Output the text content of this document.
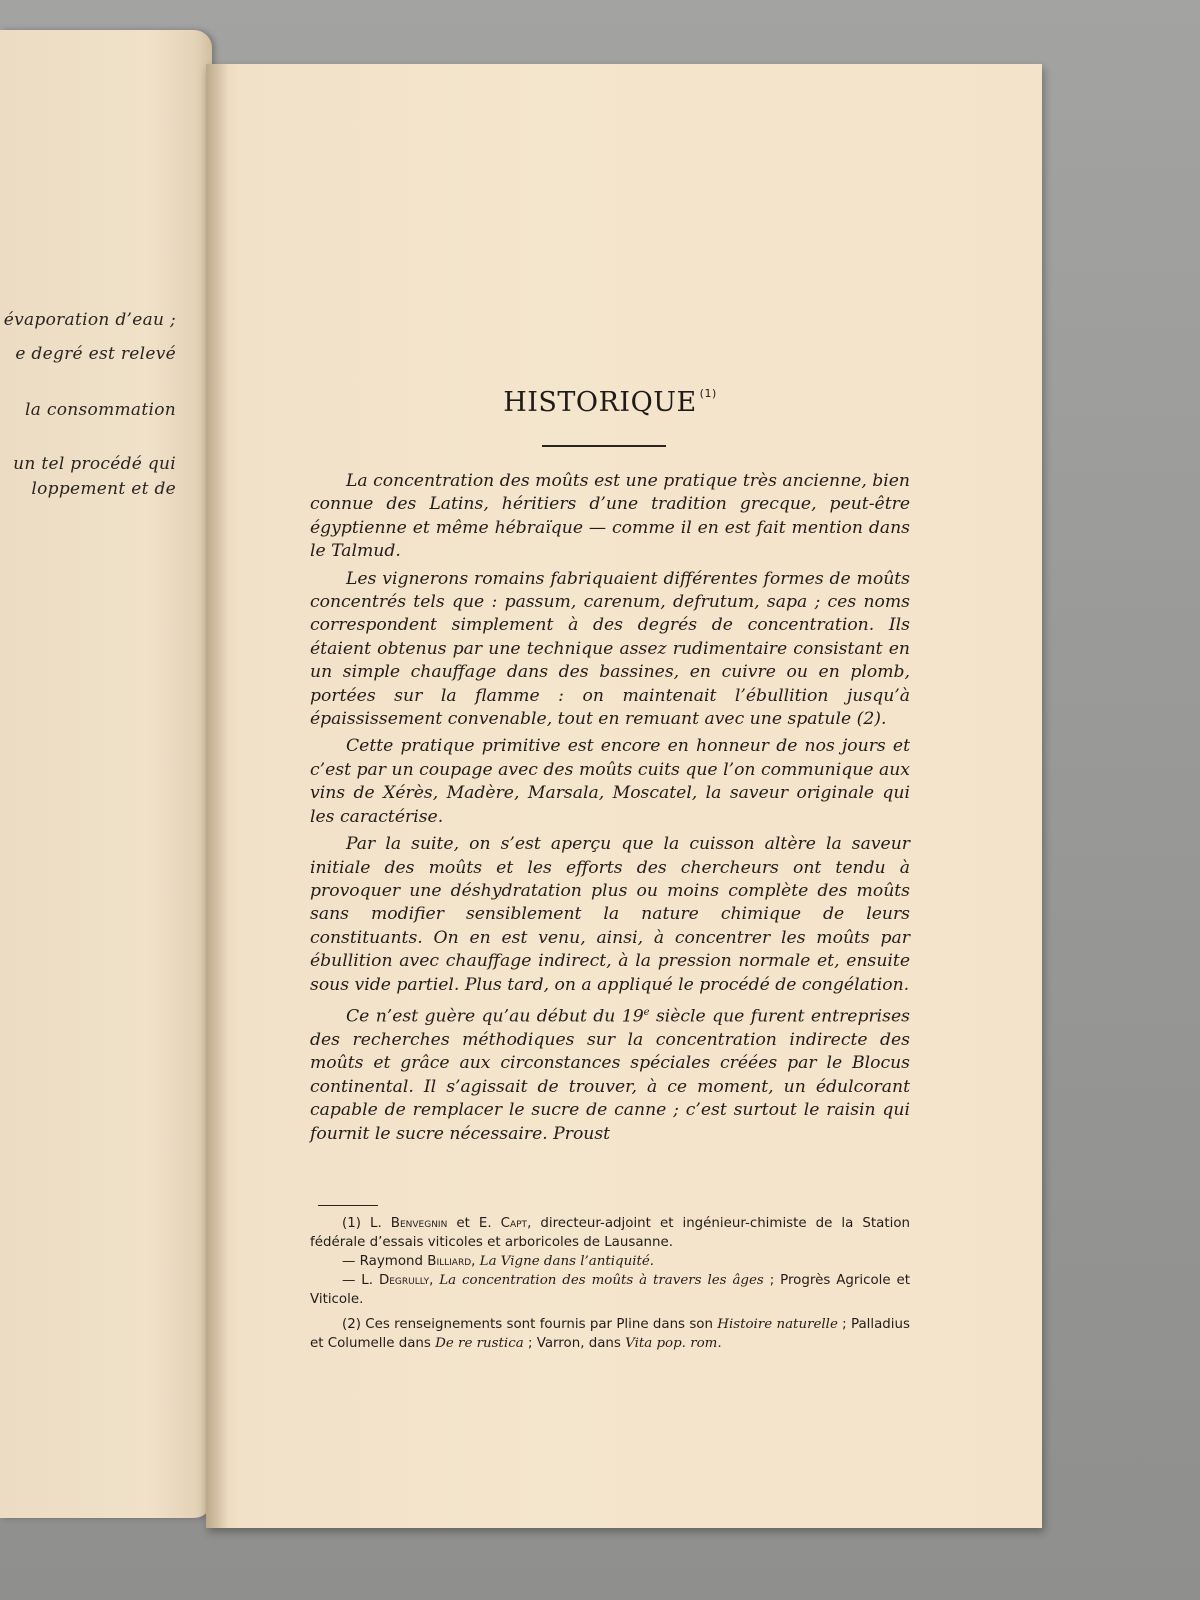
évaporation d’eau ;
e degré est relevé
la consommation
un tel procédé qui
loppement et de
HISTORIQUE $^{(1)}$

La concentration des moûts est une pratique très ancienne, bien connue des Latins, héritiers d’une tradition grecque, peut-être égyptienne et même hébraïque — comme il en est fait mention dans le Talmud.

Les vignerons romains fabriquaient différentes formes de moûts concentrés tels que : passum, carenum, defrutum, sapa ; ces noms correspondent simplement à des degrés de concentration. Ils étaient obtenus par une technique assez rudimentaire consistant en un simple chauffage dans des bassines, en cuivre ou en plomb, portées sur la flamme : on maintenait l’ébullition jusqu’à épaississement convenable, tout en remuant avec une spatule (2).

Cette pratique primitive est encore en honneur de nos jours et c’est par un coupage avec des moûts cuits que l’on communique aux vins de Xérès, Madère, Marsala, Moscatel, la saveur originale qui les caractérise.

Par la suite, on s’est aperçu que la cuisson altère la saveur initiale des moûts et les efforts des chercheurs ont tendu à provoquer une déshydratation plus ou moins complète des moûts sans modifier sensiblement la nature chimique de leurs constituants. On en est venu, ainsi, à concentrer les moûts par ébullition avec chauffage indirect, à la pression normale et, ensuite sous vide partiel. Plus tard, on a appliqué le procédé de congélation.

Ce n’est guère qu’au début du 19e siècle que furent entreprises des recherches méthodiques sur la concentration indirecte des moûts et grâce aux circonstances spéciales créées par le Blocus continental. Il s’agissait de trouver, à ce moment, un édulcorant capable de remplacer le sucre de canne ; c’est surtout le raisin qui fournit le sucre nécessaire. Proust

(1) L. Benvegnin et E. Capt, directeur-adjoint et ingénieur-chimiste de la Station fédérale d’essais viticoles et arboricoles de Lausanne.

— Raymond Billiard, La Vigne dans l’antiquité.

— L. Degrully, La concentration des moûts à travers les âges ; Progrès Agricole et Viticole.

(2) Ces renseignements sont fournis par Pline dans son Histoire naturelle ; Palladius et Columelle dans De re rustica ; Varron, dans Vita pop. rom.
